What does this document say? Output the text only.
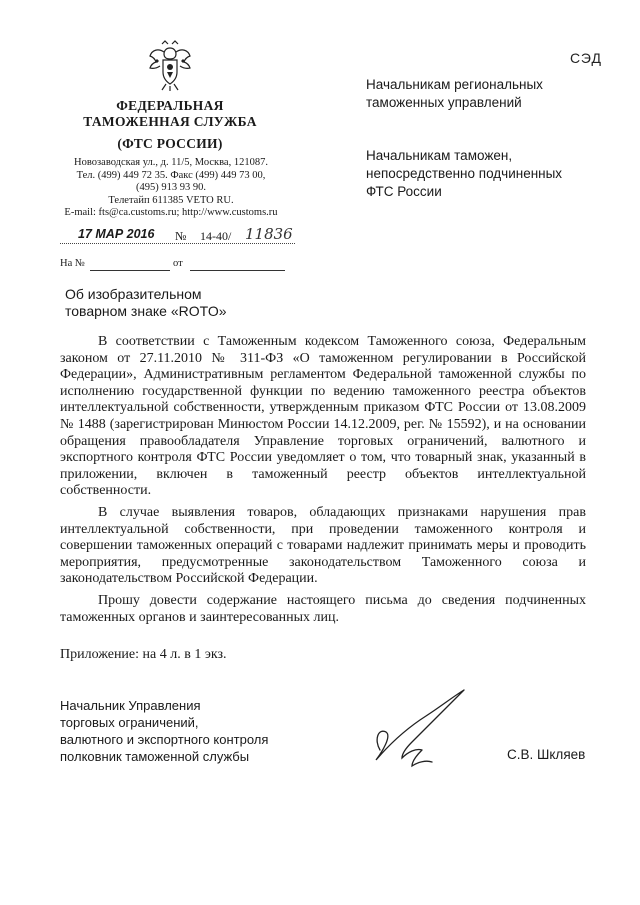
СЭД
ФЕДЕРАЛЬНАЯ
ТАМОЖЕННАЯ СЛУЖБА
(ФТС РОССИИ)
Новозаводская ул., д. 11/5, Москва, 121087.
Тел. (499) 449 72 35. Факс (499) 449 73 00,
(495) 913 93 90.
Телетайп 611385 VETO RU.
E-mail: fts@ca.customs.ru; http://www.customs.ru
17 МАР 2016 № 14-40/ 11836
На №	от
Начальникам региональных
таможенных управлений
Начальникам таможен,
непосредственно подчиненных
ФТС России
Об изобразительном
товарном знаке «ROTO»

В соответствии с Таможенным кодексом Таможенного союза, Федеральным законом от 27.11.2010 № 311-ФЗ «О таможенном регулировании в Российской Федерации», Административным регламентом Федеральной таможенной службы по исполнению государственной функции по ведению таможенного реестра объектов интеллектуальной собственности, утвержденным приказом ФТС России от 13.08.2009 № 1488 (зарегистрирован Минюстом России 14.12.2009, рег. № 15592), и на основании обращения правообладателя Управление торговых ограничений, валютного и экспортного контроля ФТС России уведомляет о том, что товарный знак, указанный в приложении, включен в таможенный реестр объектов интеллектуальной собственности.

В случае выявления товаров, обладающих признаками нарушения прав интеллектуальной собственности, при проведении таможенного контроля и совершении таможенных операций с товарами надлежит принимать меры и проводить мероприятия, предусмотренные законодательством Таможенного союза и законодательством Российской Федерации.

Прошу довести содержание настоящего письма до сведения подчиненных таможенных органов и заинтересованных лиц.

Приложение: на 4 л. в 1 экз.
Начальник Управления
торговых ограничений,
валютного и экспортного контроля
полковник таможенной службы	С.В. Шкляев
